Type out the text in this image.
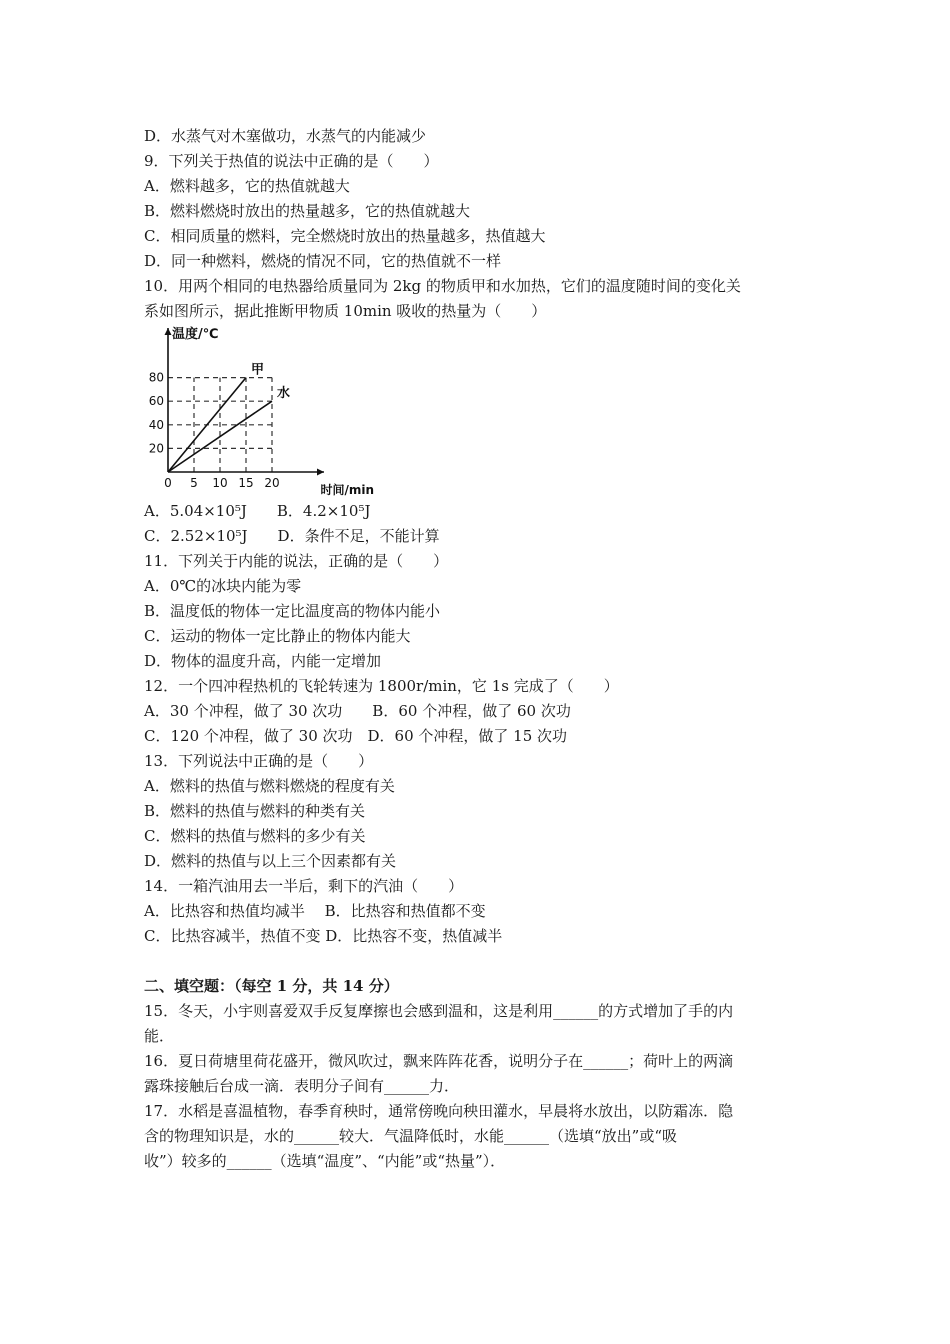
D．水蒸气对木塞做功，水蒸气的内能减少
9．下列关于热值的说法中正确的是（　　）
A．燃料越多，它的热值就越大
B．燃料燃烧时放出的热量越多，它的热值就越大
C．相同质量的燃料，完全燃烧时放出的热量越多，热值越大
D．同一种燃料，燃烧的情况不同，它的热值就不一样
10．用两个相同的电热器给质量同为 2kg 的物质甲和水加热，它们的温度随时间的变化关
系如图所示，据此推断甲物质 10min 吸收的热量为（　　）
0 5 10 15 20
20
40
60
80
温度/℃
时间/min
甲
水
A．5.04×10⁵J　　B．4.2×10⁵J
C．2.52×10⁵J　　D．条件不足，不能计算
11．下列关于内能的说法，正确的是（　　）
A．0℃的冰块内能为零
B．温度低的物体一定比温度高的物体内能小
C．运动的物体一定比静止的物体内能大
D．物体的温度升高，内能一定增加
12．一个四冲程热机的飞轮转速为 1800r/min，它 1s 完成了（　　）
A．30 个冲程，做了 30 次功　　B．60 个冲程，做了 60 次功
C．120 个冲程，做了 30 次功　D．60 个冲程，做了 15 次功
13．下列说法中正确的是（　　）
A．燃料的热值与燃料燃烧的程度有关
B．燃料的热值与燃料的种类有关
C．燃料的热值与燃料的多少有关
D．燃料的热值与以上三个因素都有关
14．一箱汽油用去一半后，剩下的汽油（　　）
A．比热容和热值均减半　 B．比热容和热值都不变
C．比热容减半，热值不变 D．比热容不变，热值减半
二、填空题：（每空 1 分，共 14 分）
15．冬天，小宇则喜爱双手反复摩擦也会感到温和，这是利用______的方式增加了手的内
能．
16．夏日荷塘里荷花盛开，微风吹过，飘来阵阵花香，说明分子在______；荷叶上的两滴
露珠接触后台成一滴．表明分子间有______力．
17．水稻是喜温植物，春季育秧时，通常傍晚向秧田灌水，早晨将水放出，以防霜冻．隐
含的物理知识是，水的______较大．气温降低时，水能______（选填“放出”或“吸
收”）较多的______（选填“温度”、“内能”或“热量”）．
